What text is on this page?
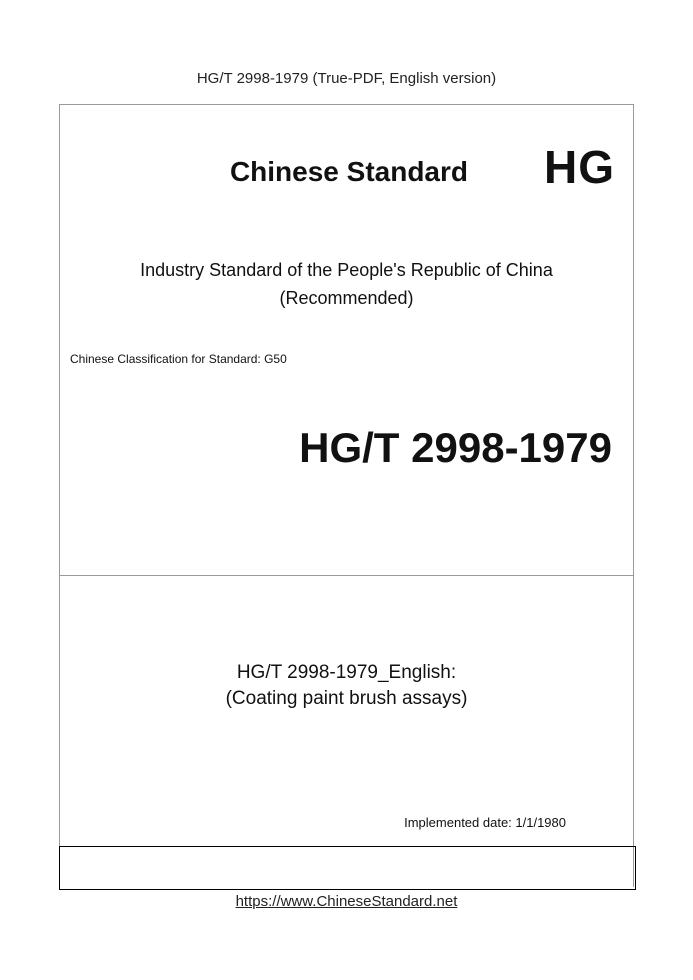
HG/T 2998-1979 (True-PDF, English version)
Chinese Standard HG
Industry Standard of the People's Republic of China
(Recommended)
Chinese Classification for Standard: G50
HG/T 2998-1979
HG/T 2998-1979_English:
(Coating paint brush assays)
Implemented date: 1/1/1980
https://www.ChineseStandard.net
